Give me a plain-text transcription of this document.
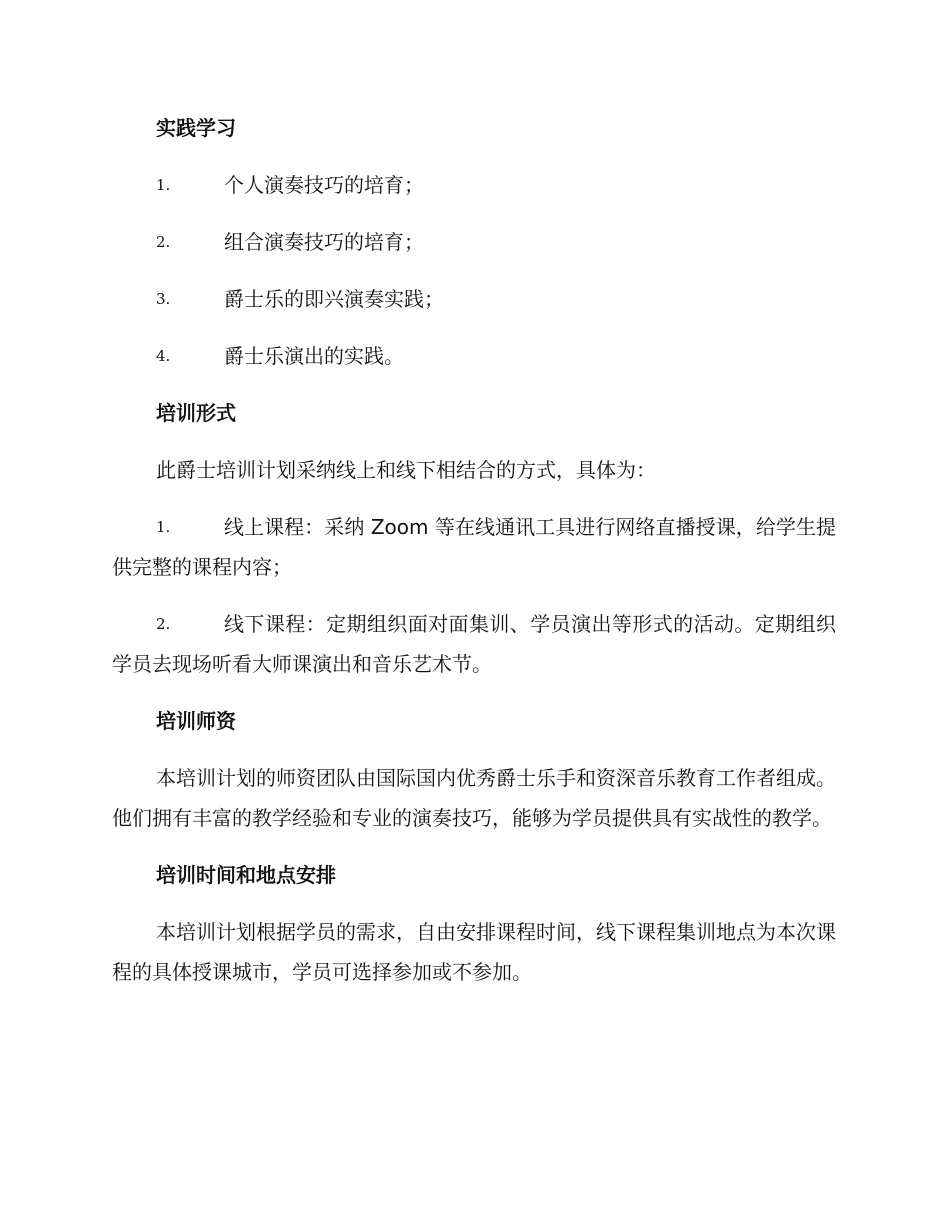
实践学习
1.	个人演奏技巧的培育；
2.	组合演奏技巧的培育；
3.	爵士乐的即兴演奏实践；
4.	爵士乐演出的实践。
培训形式

此爵士培训计划采纳线上和线下相结合的方式，具体为：

1.	线上课程：采纳 Zoom 等在线通讯工具进行网络直播授课，给学生提供完整的课程内容；
2.	线下课程：定期组织面对面集训、学员演出等形式的活动。定期组织学员去现场听看大师课演出和音乐艺术节。
培训师资

本培训计划的师资团队由国际国内优秀爵士乐手和资深音乐教育工作者组成。他们拥有丰富的教学经验和专业的演奏技巧，能够为学员提供具有实战性的教学。

培训时间和地点安排

本培训计划根据学员的需求，自由安排课程时间，线下课程集训地点为本次课程的具体授课城市，学员可选择参加或不参加。
